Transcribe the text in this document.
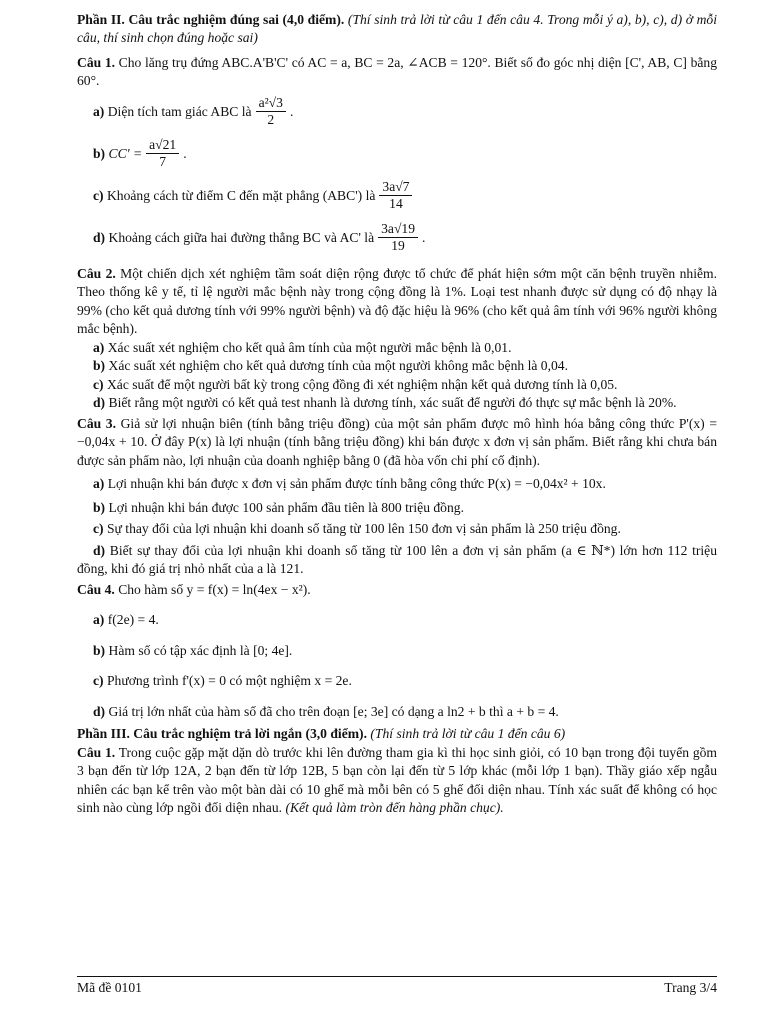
Phần II. Câu trắc nghiệm đúng sai (4,0 điểm). (Thí sinh trả lời từ câu 1 đến câu 4. Trong mỗi ý a), b), c), d) ở mỗi câu, thí sinh chọn đúng hoặc sai)

Câu 1. Cho lăng trụ đứng ABC.A'B'C' có AC = a, BC = 2a, ∠ACB = 120°. Biết số đo góc nhị diện [C', AB, C] bằng 60°.

a) Diện tích tam giác ABC là $\frac{\text{a²√3}}{2}$ .
b) $CC' = \frac{a√21}{7}$ .
c) Khoảng cách từ điểm C đến mặt phẳng (ABC') là $\frac{3a√7}{14}$
d) Khoảng cách giữa hai đường thẳng BC và AC' là $\frac{3a√19}{19}$ .

Câu 2. Một chiến dịch xét nghiệm tầm soát diện rộng được tổ chức để phát hiện sớm một căn bệnh truyền nhiễm. Theo thống kê y tế, tỉ lệ người mắc bệnh này trong cộng đồng là 1%. Loại test nhanh được sử dụng có độ nhạy là 99% (cho kết quả dương tính với 99% người bệnh) và độ đặc hiệu là 96% (cho kết quả âm tính với 96% người không mắc bệnh).

a) Xác suất xét nghiệm cho kết quả âm tính của một người mắc bệnh là 0,01.

b) Xác suất xét nghiệm cho kết quả dương tính của một người không mắc bệnh là 0,04.

c) Xác suất để một người bất kỳ trong cộng đồng đi xét nghiệm nhận kết quả dương tính là 0,05.

d) Biết rằng một người có kết quả test nhanh là dương tính, xác suất để người đó thực sự mắc bệnh là 20%.

Câu 3. Giả sử lợi nhuận biên (tính bằng triệu đồng) của một sản phẩm được mô hình hóa bằng công thức P'(x) = −0,04x + 10. Ở đây P(x) là lợi nhuận (tính bằng triệu đồng) khi bán được x đơn vị sản phẩm. Biết rằng khi chưa bán được sản phẩm nào, lợi nhuận của doanh nghiệp bằng 0 (đã hòa vốn chi phí cố định).

a) Lợi nhuận khi bán được x đơn vị sản phẩm được tính bằng công thức P(x) = −0,04x² + 10x.

b) Lợi nhuận khi bán được 100 sản phẩm đầu tiên là 800 triệu đồng.

c) Sự thay đổi của lợi nhuận khi doanh số tăng từ 100 lên 150 đơn vị sản phẩm là 250 triệu đồng.

d) Biết sự thay đổi của lợi nhuận khi doanh số tăng từ 100 lên a đơn vị sản phẩm (a ∈ ℕ*) lớn hơn 112 triệu đồng, khi đó giá trị nhỏ nhất của a là 121.

Câu 4. Cho hàm số y = f(x) = ln(4ex − x²).

a) f(2e) = 4.

b) Hàm số có tập xác định là [0; 4e].

c) Phương trình f'(x) = 0 có một nghiệm x = 2e.

d) Giá trị lớn nhất của hàm số đã cho trên đoạn [e; 3e] có dạng a ln2 + b thì a + b = 4.

Phần III. Câu trắc nghiệm trả lời ngắn (3,0 điểm). (Thí sinh trả lời từ câu 1 đến câu 6)

Câu 1. Trong cuộc gặp mặt dặn dò trước khi lên đường tham gia kì thi học sinh giỏi, có 10 bạn trong đội tuyển gồm 3 bạn đến từ lớp 12A, 2 bạn đến từ lớp 12B, 5 bạn còn lại đến từ 5 lớp khác (mỗi lớp 1 bạn). Thầy giáo xếp ngẫu nhiên các bạn kể trên vào một bàn dài có 10 ghế mà mỗi bên có 5 ghế đối diện nhau. Tính xác suất để không có học sinh nào cùng lớp ngồi đối diện nhau. (Kết quả làm tròn đến hàng phần chục).

Mã đề 0101	Trang 3/4
